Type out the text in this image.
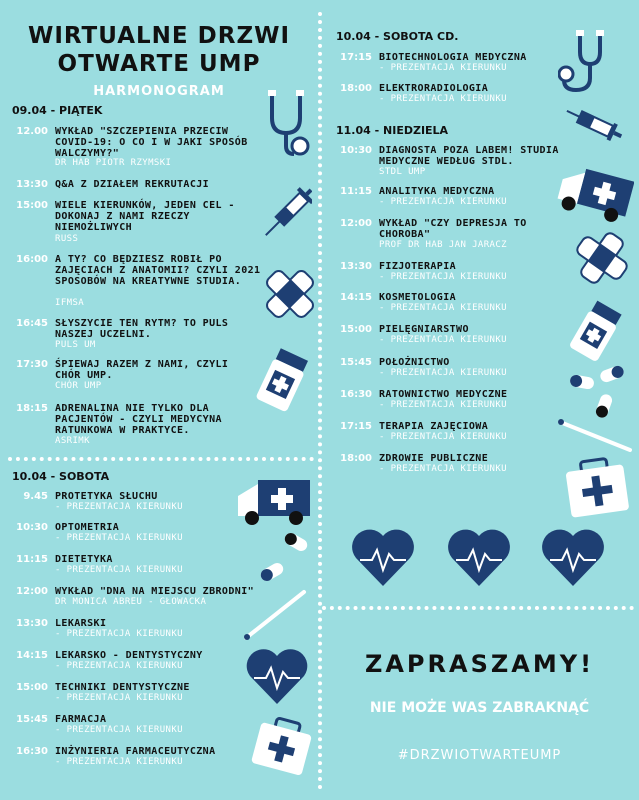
WIRTUALNE DRZWI
OTWARTE UMP
HARMONOGRAM
09.04 - PIĄTEK
10.04 - SOBOTA
10.04 - SOBOTA CD.
11.04 - NIEDZIELA
12.00 WYKŁAD "SZCZEPIENIA PRZECIW COVID-19: O CO I W JAKI SPOSÓB WALCZYMY?"
DR HAB PIOTR RZYMSKI
13:30 Q&A Z DZIAŁEM REKRUTACJI
15:00 WIELE KIERUNKÓW, JEDEN CEL - DOKONAJ Z NAMI RZECZY NIEMOŻLIWYCH
RUSS
16:00 A TY? CO BĘDZIESZ ROBIŁ PO ZAJĘCIACH Z ANATOMII? CZYLI 2021 SPOSOBÓW NA KREATYWNE STUDIA.
IFMSA
16:45 SŁYSZYCIE TEN RYTM? TO PULS NASZEJ UCZELNI.
PULS UM
17:30 ŚPIEWAJ RAZEM Z NAMI, CZYLI CHÓR UMP.
CHÓR UMP
18:15 ADRENALINA NIE TYLKO DLA PACJENTÓW - CZYLI MEDYCYNA RATUNKOWA W PRAKTYCE.
ASRIMK
9.45 PROTETYKA SŁUCHU
- PREZENTACJA KIERUNKU
10:30 OPTOMETRIA
- PREZENTACJA KIERUNKU
11:15 DIETETYKA
- PREZENTACJA KIERUNKU
12:00 WYKŁAD "DNA NA MIEJSCU ZBRODNI"
DR MONICA ABREU - GŁOWACKA
13:30 LEKARSKI
- PREZENTACJA KIERUNKU
14:15 LEKARSKO - DENTYSTYCZNY
- PREZENTACJA KIERUNKU
15:00 TECHNIKI DENTYSTYCZNE
- PREZENTACJA KIERUNKU
15:45 FARMACJA
- PREZENTACJA KIERUNKU
16:30 INŻYNIERIA FARMACEUTYCZNA
- PREZENTACJA KIERUNKU
17:15 BIOTECHNOLOGIA MEDYCZNA
- PREZENTACJA KIERUNKU
18:00 ELEKTRORADIOLOGIA
- PREZENTACJA KIERUNKU
10:30 DIAGNOSTA POZA LABEM! STUDIA MEDYCZNE WEDŁUG STDL.
STDL UMP
11:15 ANALITYKA MEDYCZNA
- PREZENTACJA KIERUNKU
12:00 WYKŁAD "CZY DEPRESJA TO CHOROBA"
PROF DR HAB JAN JARACZ
13:30 FIZJOTERAPIA
- PREZENTACJA KIERUNKU
14:15 KOSMETOLOGIA
- PREZENTACJA KIERUNKU
15:00 PIELĘGNIARSTWO
- PREZENTACJA KIERUNKU
15:45 POŁOŻNICTWO
- PREZENTACJA KIERUNKU
16:30 RATOWNICTWO MEDYCZNE
- PREZENTACJA KIERUNKU
17:15 TERAPIA ZAJĘCIOWA
- PREZENTACJA KIERUNKU
18:00 ZDROWIE PUBLICZNE
- PREZENTACJA KIERUNKU
ZAPRASZAMY!
NIE MOŻE WAS ZABRAKNĄĆ
#DRZWIOTWARTEUMP
